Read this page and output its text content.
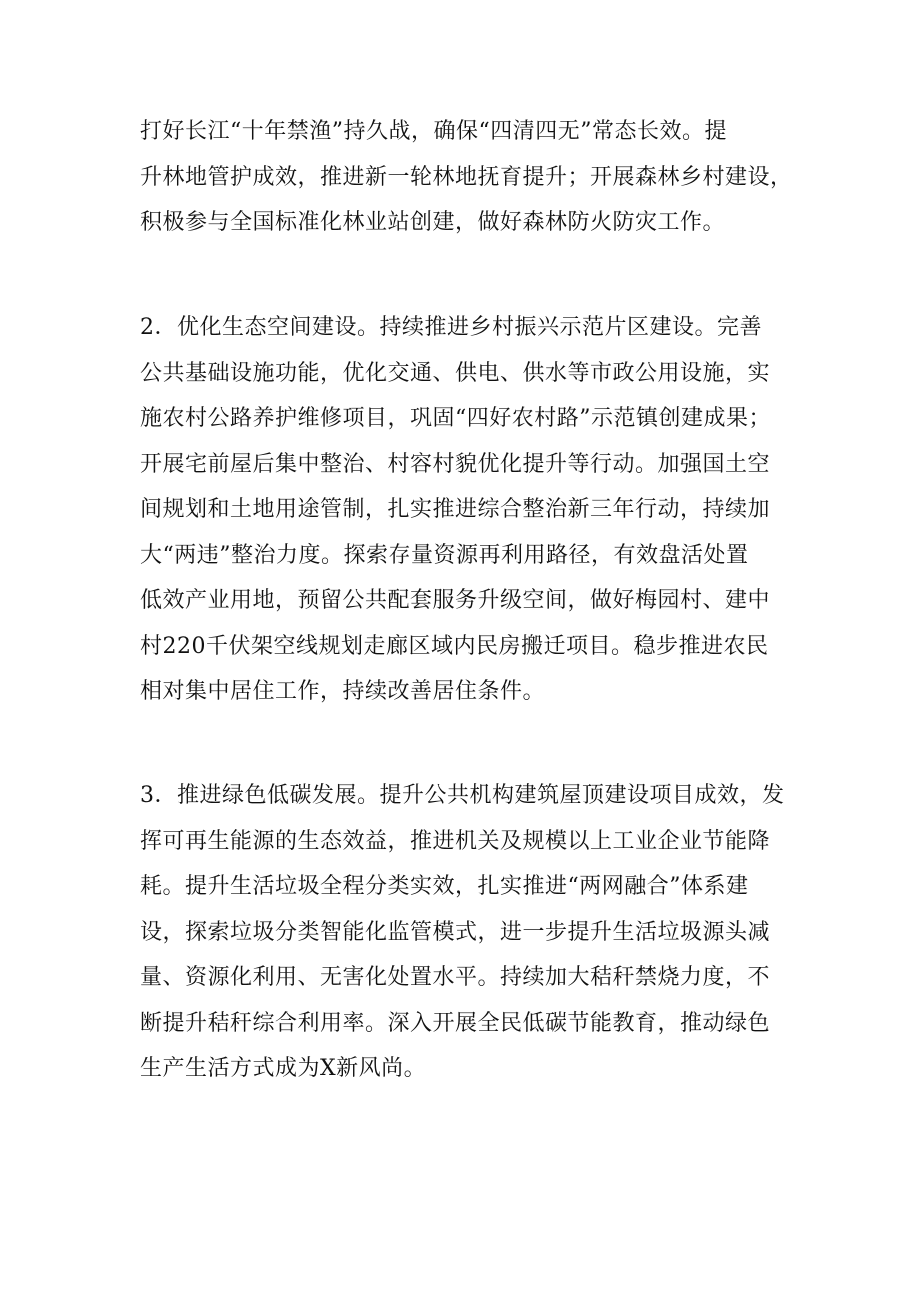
打好长江“十年禁渔”持久战，确保“四清四无”常态长效。提
升林地管护成效，推进新一轮林地抚育提升；开展森林乡村建设，
积极参与全国标准化林业站创建，做好森林防火防灾工作。
2．优化生态空间建设。持续推进乡村振兴示范片区建设。完善
公共基础设施功能，优化交通、供电、供水等市政公用设施，实
施农村公路养护维修项目，巩固“四好农村路”示范镇创建成果；
开展宅前屋后集中整治、村容村貌优化提升等行动。加强国土空
间规划和土地用途管制，扎实推进综合整治新三年行动，持续加
大“两违”整治力度。探索存量资源再利用路径，有效盘活处置
低效产业用地，预留公共配套服务升级空间，做好梅园村、建中
村220千伏架空线规划走廊区域内民房搬迁项目。稳步推进农民
相对集中居住工作，持续改善居住条件。
3．推进绿色低碳发展。提升公共机构建筑屋顶建设项目成效，发
挥可再生能源的生态效益，推进机关及规模以上工业企业节能降
耗。提升生活垃圾全程分类实效，扎实推进“两网融合”体系建
设，探索垃圾分类智能化监管模式，进一步提升生活垃圾源头减
量、资源化利用、无害化处置水平。持续加大秸秆禁烧力度，不
断提升秸秆综合利用率。深入开展全民低碳节能教育，推动绿色
生产生活方式成为X新风尚。
